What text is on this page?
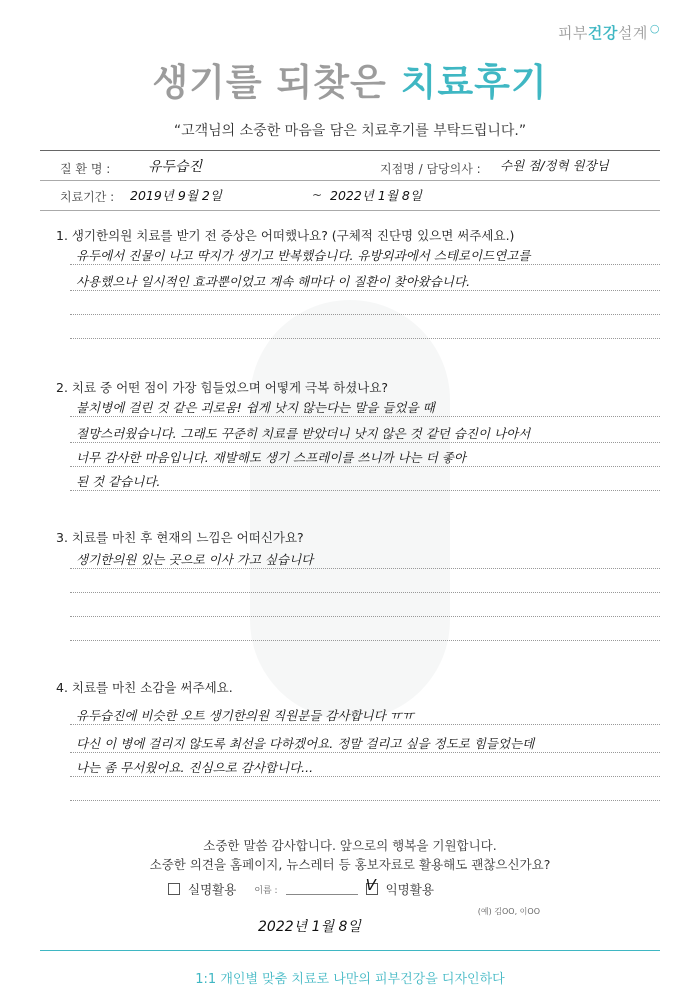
피부건강설계 ○
생기를 되찾은 치료후기
“고객님의 소중한 마음을 담은 치료후기를 부탁드립니다.”
질 환 명 :	유두습진	지점명 / 담당의사 : 수원 점/정혁 원장님
치료기간 : 2019년 9월 2일	~ 2022년 1월 8일
1. 생기한의원 치료를 받기 전 증상은 어떠했나요? (구체적 진단명 있으면 써주세요.)
유두에서 진물이 나고 딱지가 생기고 반복했습니다. 유방외과에서 스테로이드연고를
사용했으나 일시적인 효과뿐이었고 계속 해마다 이 질환이 찾아왔습니다.
2. 치료 중 어떤 점이 가장 힘들었으며 어떻게 극복 하셨나요?
불치병에 걸린 것 같은 괴로움! 쉽게 낫지 않는다는 말을 들었을 때
절망스러웠습니다. 그래도 꾸준히 치료를 받았더니 낫지 않은 것 같던 습진이 나아서
너무 감사한 마음입니다. 재발해도 생기 스프레이를 쓰니까 나는 더 좋아
된 것 같습니다.
3. 치료를 마친 후 현재의 느낌은 어떠신가요?
생기한의원 있는 곳으로 이사 가고 싶습니다
4. 치료를 마친 소감을 써주세요.
유두습진에 비슷한 오트 생기한의원 직원분들 감사합니다 ㅠㅠ
다신 이 병에 걸리지 않도록 최선을 다하겠어요. 정말 걸리고 싶을 정도로 힘들었는데
나는 좀 무서웠어요. 진심으로 감사합니다...
소중한 말씀 감사합니다. 앞으로의 행복을 기원합니다.
소중한 의견을 홈페이지, 뉴스레터 등 홍보자료로 활용해도 괜찮으신가요?
실명활용 이름 :	V 익명활용
(예) 김OO, 이OO
2022년 1월 8일
1:1 개인별 맞춤 치료로 나만의 피부건강을 디자인하다
